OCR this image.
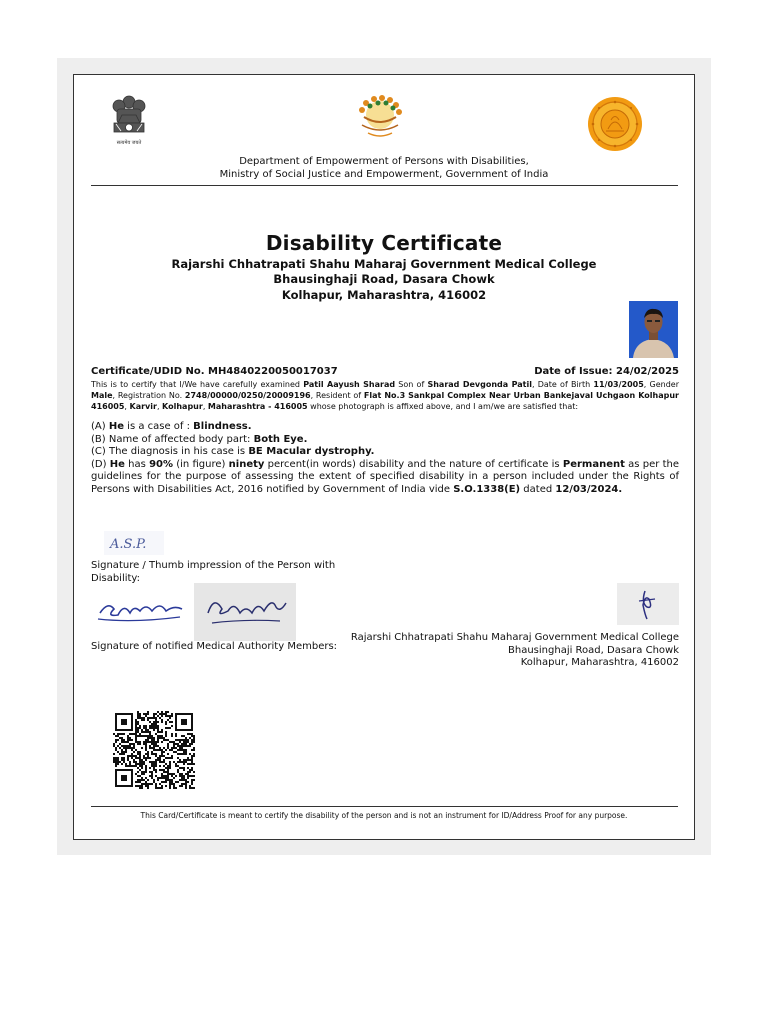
सत्यमेव जयते
Department of Empowerment of Persons with Disabilities,
Ministry of Social Justice and Empowerment, Government of India
Disability Certificate
Rajarshi Chhatrapati Shahu Maharaj Government Medical College
Bhausinghaji Road, Dasara Chowk
Kolhapur, Maharashtra, 416002
Certificate/UDID No. MH4840220050017037	Date of Issue: 24/02/2025
This is to certify that I/We have carefully examined Patil Aayush Sharad Son of Sharad Devgonda Patil, Date of Birth 11/03/2005, Gender Male, Registration No. 2748/00000/0250/20009196, Resident of Flat No.3 Sankpal Complex Near Urban Bankejaval Uchgaon Kolhapur 416005, Karvir, Kolhapur, Maharashtra - 416005 whose photograph is affixed above, and I am/we are satisfied that:
(A) He is a case of : Blindness.
(B) Name of affected body part: Both Eye.
(C) The diagnosis in his case is BE Macular dystrophy.
(D) He has 90% (in figure) ninety percent(in words) disability and the nature of certificate is Permanent as per the guidelines for the purpose of assessing the extent of specified disability in a person included under the Rights of Persons with Disabilities Act, 2016 notified by Government of India vide S.O.1338(E) dated 12/03/2024.
A.S.P.
Signature / Thumb impression of the Person with Disability:
Signature of notified Medical Authority Members:
Rajarshi Chhatrapati Shahu Maharaj Government Medical College
Bhausinghaji Road, Dasara Chowk
Kolhapur, Maharashtra, 416002
This Card/Certificate is meant to certify the disability of the person and is not an instrument for ID/Address Proof for any purpose.
